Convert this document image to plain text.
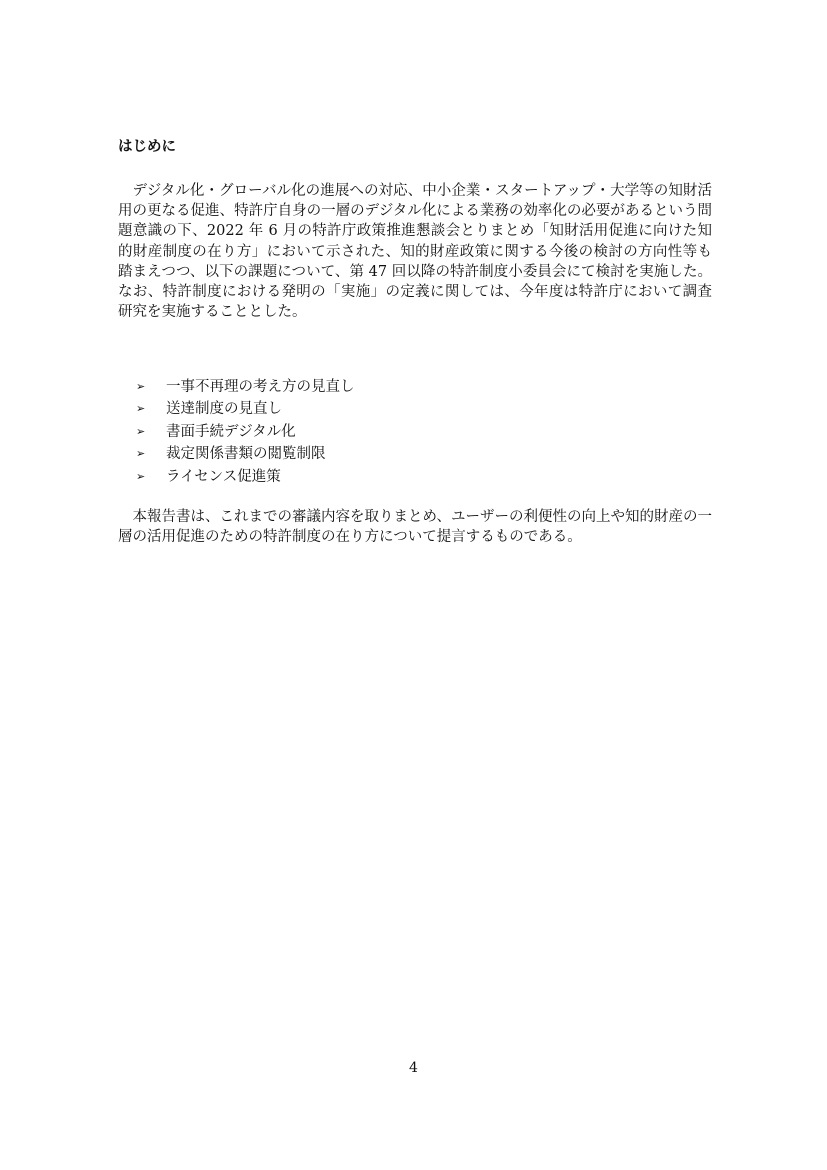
はじめに

デジタル化・グローバル化の進展への対応、中小企業・スタートアップ・大学等の知財活用の更なる促進、特許庁自身の一層のデジタル化による業務の効率化の必要があるという問題意識の下、2022 年 6 月の特許庁政策推進懇談会とりまとめ「知財活用促進に向けた知的財産制度の在り方」において示された、知的財産政策に関する今後の検討の方向性等も踏まえつつ、以下の課題について、第 47 回以降の特許制度小委員会にて検討を実施した。なお、特許制度における発明の「実施」の定義に関しては、今年度は特許庁において調査研究を実施することとした。

➢	一事不再理の考え方の見直し
➢	送達制度の見直し
➢	書面手続デジタル化
➢	裁定関係書類の閲覧制限
➢	ライセンス促進策

本報告書は、これまでの審議内容を取りまとめ、ユーザーの利便性の向上や知的財産の一層の活用促進のための特許制度の在り方について提言するものである。

4
